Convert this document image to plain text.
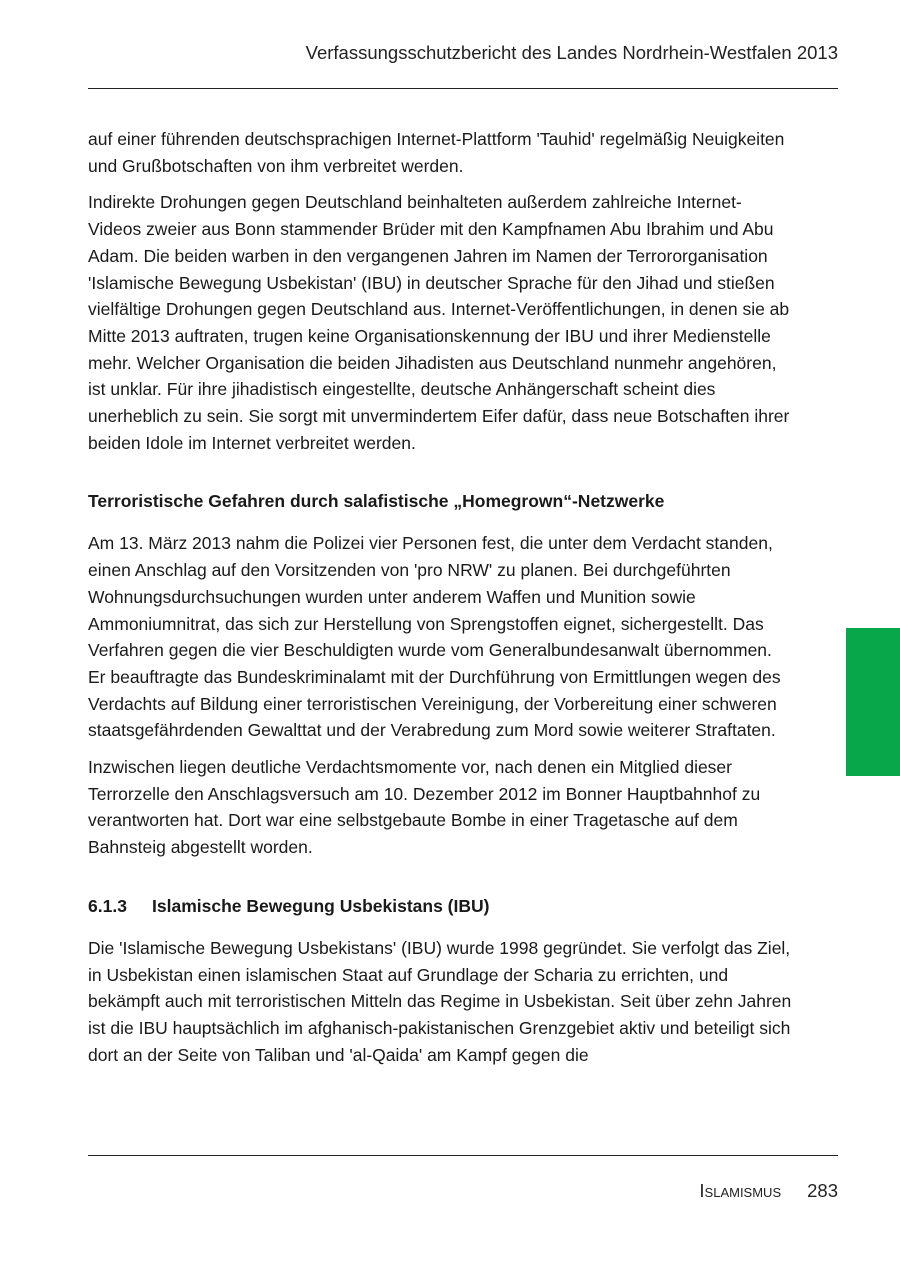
Verfassungsschutzbericht des Landes Nordrhein-Westfalen 2013

auf einer führenden deutschsprachigen Internet-Plattform 'Tauhid' regelmäßig Neuigkeiten und Grußbotschaften von ihm verbreitet werden.

Indirekte Drohungen gegen Deutschland beinhalteten außerdem zahlreiche Internet-Videos zweier aus Bonn stammender Brüder mit den Kampfnamen Abu Ibrahim und Abu Adam. Die beiden warben in den vergangenen Jahren im Namen der Terrororganisation 'Islamische Bewegung Usbekistan' (IBU) in deutscher Sprache für den Jihad und stießen vielfältige Drohungen gegen Deutschland aus. Internet-Veröffentlichungen, in denen sie ab Mitte 2013 auftraten, trugen keine Organisationskennung der IBU und ihrer Medienstelle mehr. Welcher Organisation die beiden Jihadisten aus Deutschland nunmehr angehören, ist unklar. Für ihre jihadistisch eingestellte, deutsche Anhängerschaft scheint dies unerheblich zu sein. Sie sorgt mit unvermindertem Eifer dafür, dass neue Botschaften ihrer beiden Idole im Internet verbreitet werden.

Terroristische Gefahren durch salafistische „Homegrown“-Netzwerke

Am 13. März 2013 nahm die Polizei vier Personen fest, die unter dem Verdacht standen, einen Anschlag auf den Vorsitzenden von 'pro NRW' zu planen. Bei durchgeführten Wohnungsdurchsuchungen wurden unter anderem Waffen und Munition sowie Ammoniumnitrat, das sich zur Herstellung von Sprengstoffen eignet, sichergestellt. Das Verfahren gegen die vier Beschuldigten wurde vom Generalbundesanwalt übernommen. Er beauftragte das Bundeskriminalamt mit der Durchführung von Ermittlungen wegen des Verdachts auf Bildung einer terroristischen Vereinigung, der Vorbereitung einer schweren staatsgefährdenden Gewalttat und der Verabredung zum Mord sowie weiterer Straftaten.

Inzwischen liegen deutliche Verdachtsmomente vor, nach denen ein Mitglied dieser Terrorzelle den Anschlagsversuch am 10. Dezember 2012 im Bonner Hauptbahnhof zu verantworten hat. Dort war eine selbstgebaute Bombe in einer Tragetasche auf dem Bahnsteig abgestellt worden.

6.1.3 Islamische Bewegung Usbekistans (IBU)

Die 'Islamische Bewegung Usbekistans' (IBU) wurde 1998 gegründet. Sie verfolgt das Ziel, in Usbekistan einen islamischen Staat auf Grundlage der Scharia zu errichten, und bekämpft auch mit terroristischen Mitteln das Regime in Usbekistan. Seit über zehn Jahren ist die IBU hauptsächlich im afghanisch-pakistanischen Grenzgebiet aktiv und beteiligt sich dort an der Seite von Taliban und 'al-Qaida' am Kampf gegen die

Islamismus 283
